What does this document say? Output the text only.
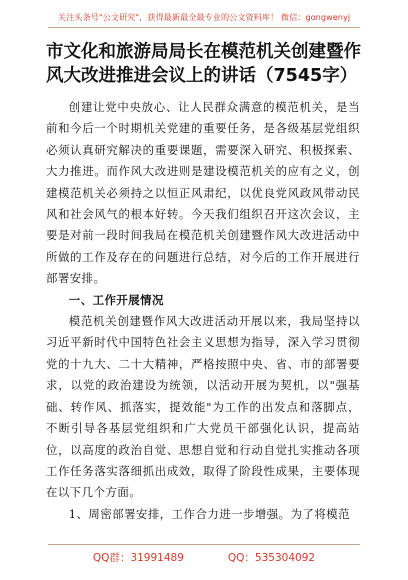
关注头条号"公文研究"，获得最新最全最专业的公文资料库！ 微信：gongwenyj
市文化和旅游局局长在模范机关创建暨作风大改进推进会议上的讲话（7545字）

创建让党中央放心、让人民群众满意的模范机关，是当前和今后一个时期机关党建的重要任务，是各级基层党组织必须认真研究解决的重要课题，需要深入研究、积极探索、大力推进。而作风大改进则是建设模范机关的应有之义，创建模范机关必须持之以恒正风肃纪，以优良党风政风带动民风和社会风气的根本好转。今天我们组织召开这次会议，主要是对前一段时间我局在模范机关创建暨作风大改进活动中所做的工作及存在的问题进行总结，对今后的工作开展进行部署安排。

一、工作开展情况

模范机关创建暨作风大改进活动开展以来，我局坚持以习近平新时代中国特色社会主义思想为指导，深入学习贯彻党的十九大、二十大精神，严格按照中央、省、市的部署要求，以党的政治建设为统领，以活动开展为契机，以"强基础、转作风、抓落实，提效能"为工作的出发点和落脚点，不断引导各基层党组织和广大党员干部强化认识，提高站位，以高度的政治自觉、思想自觉和行动自觉扎实推动各项工作任务落实落细抓出成效，取得了阶段性成果，主要体现在以下几个方面。

1、周密部署安排，工作合力进一步增强。为了将模范

QQ群：31991489	QQ：535304092
